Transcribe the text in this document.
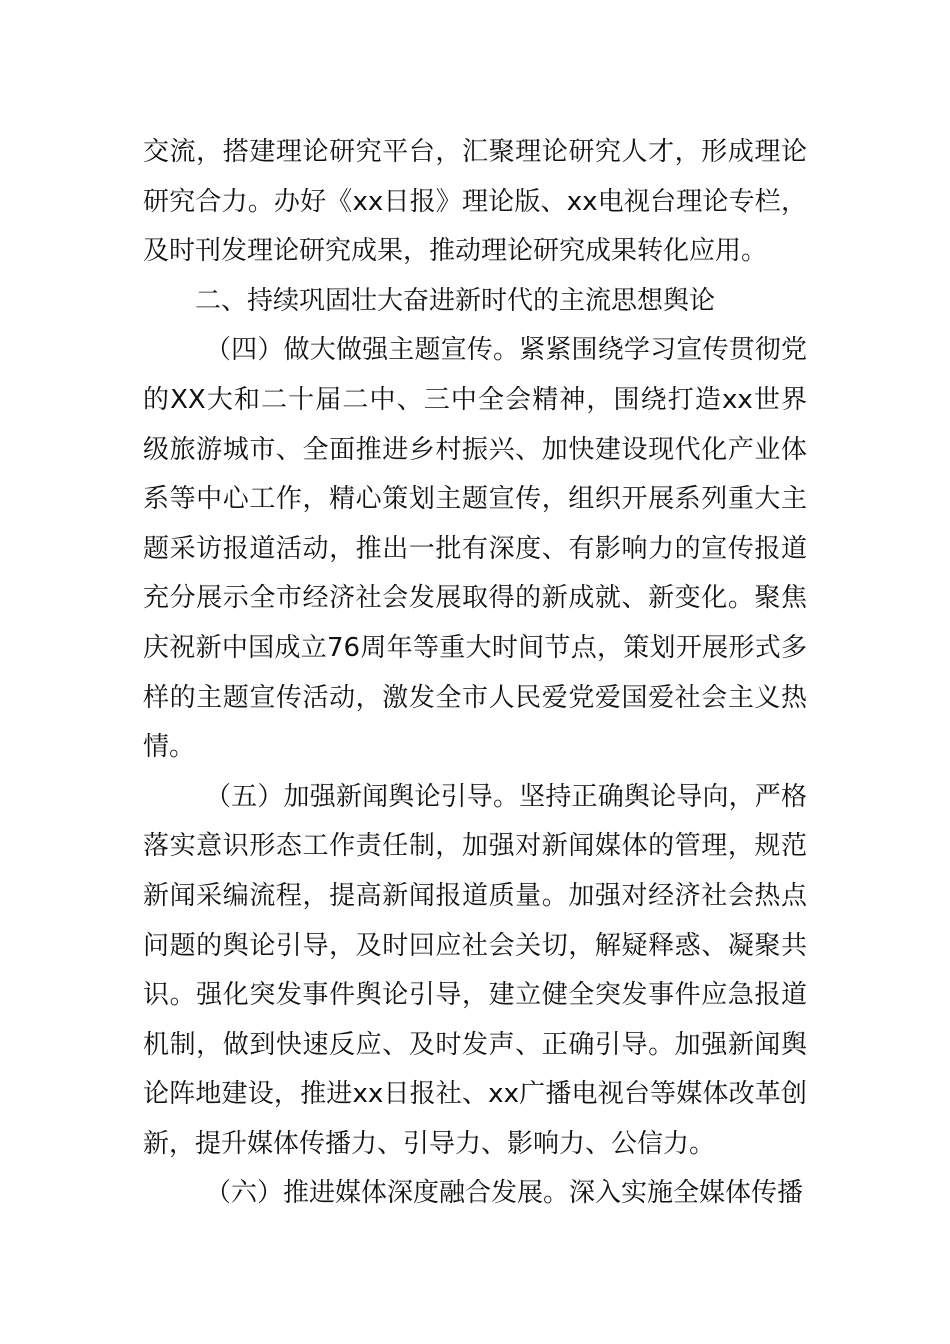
交流，搭建理论研究平台，汇聚理论研究人才，形成理论研究合力。办好《xx日报》理论版、xx电视台理论专栏，及时刊发理论研究成果，推动理论研究成果转化应用。

二、持续巩固壮大奋进新时代的主流思想舆论

（四）做大做强主题宣传。紧紧围绕学习宣传贯彻党的XX大和二十届二中、三中全会精神，围绕打造xx世界级旅游城市、全面推进乡村振兴、加快建设现代化产业体系等中心工作，精心策划主题宣传，组织开展系列重大主题采访报道活动，推出一批有深度、有影响力的宣传报道充分展示全市经济社会发展取得的新成就、新变化。聚焦庆祝新中国成立76周年等重大时间节点，策划开展形式多样的主题宣传活动，激发全市人民爱党爱国爱社会主义热情。

（五）加强新闻舆论引导。坚持正确舆论导向，严格落实意识形态工作责任制，加强对新闻媒体的管理，规范新闻采编流程，提高新闻报道质量。加强对经济社会热点问题的舆论引导，及时回应社会关切，解疑释惑、凝聚共识。强化突发事件舆论引导，建立健全突发事件应急报道机制，做到快速反应、及时发声、正确引导。加强新闻舆论阵地建设，推进xx日报社、xx广播电视台等媒体改革创新，提升媒体传播力、引导力、影响力、公信力。

（六）推进媒体深度融合发展。深入实施全媒体传播
